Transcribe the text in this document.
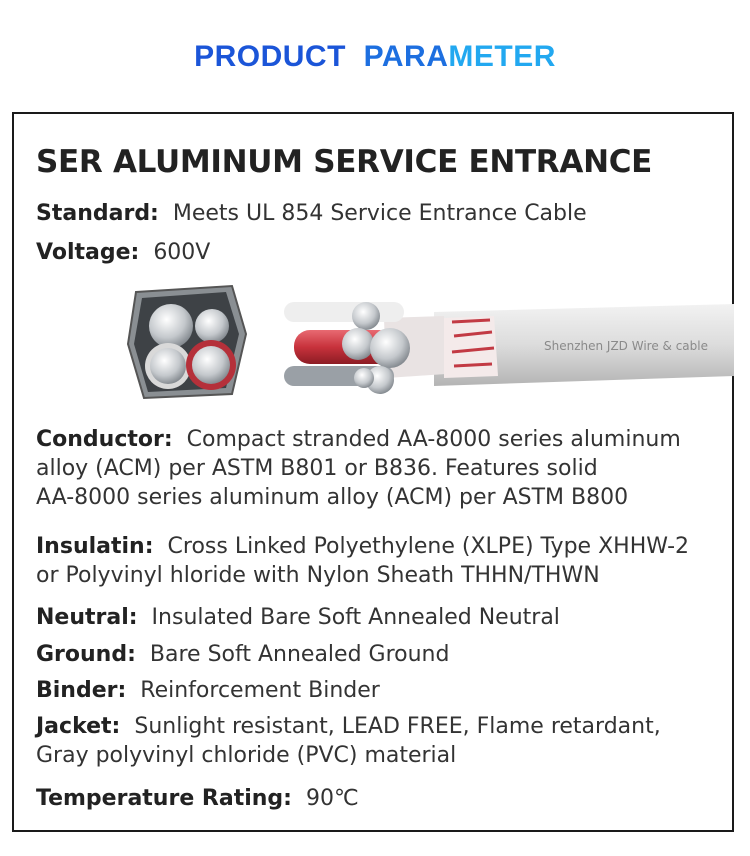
PRODUCT PARAMETER
SER ALUMINUM SERVICE ENTRANCE
Standard: Meets UL 854 Service Entrance Cable
Voltage: 600V
Shenzhen JZD Wire & cable
Conductor: Compact stranded AA-8000 series aluminum
alloy (ACM) per ASTM B801 or B836. Features solid
AA-8000 series aluminum alloy (ACM) per ASTM B800
Insulatin: Cross Linked Polyethylene (XLPE) Type XHHW-2
or Polyvinyl hloride with Nylon Sheath THHN/THWN
Neutral: Insulated Bare Soft Annealed Neutral
Ground: Bare Soft Annealed Ground
Binder: Reinforcement Binder
Jacket: Sunlight resistant, LEAD FREE, Flame retardant,
Gray polyvinyl chloride (PVC) material
Temperature Rating: 90℃
